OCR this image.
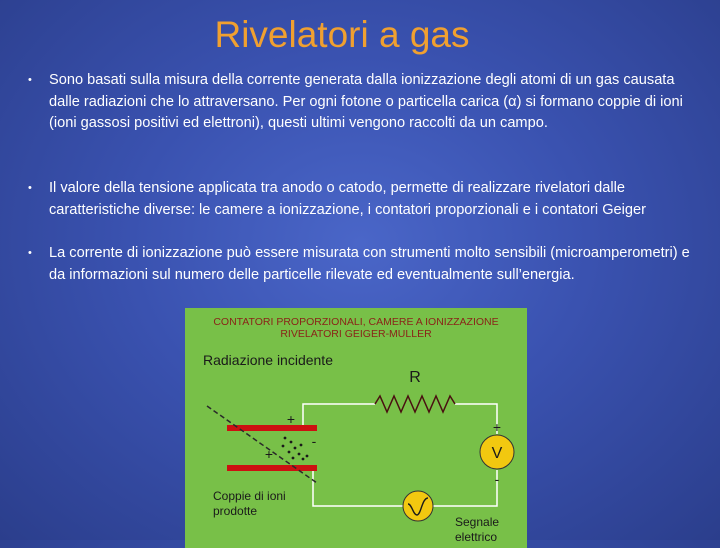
Rivelatori a gas
• Sono basati sulla misura della corrente generata dalla ionizzazione degli atomi di un gas causata dalle radiazioni che lo attraversano. Per ogni fotone o particella carica (α) si formano coppie di ioni (ioni gassosi positivi ed elettroni), questi ultimi vengono raccolti da un campo.
• Il valore della tensione applicata tra anodo o catodo, permette di realizzare rivelatori dalle caratteristiche diverse: le camere a ionizzazione, i contatori proporzionali e i contatori Geiger
• La corrente di ionizzazione può essere misurata con strumenti molto sensibili (microamperometri) e da informazioni sul numero delle particelle rilevate ed eventualmente sull’energia.
CONTATORI PROPORZIONALI, CAMERE A IONIZZAZIONE
RIVELATORI GEIGER-MULLER
Radiazione incidente
R
+
+
-
+
-
V
Coppie di ioni
prodotte
Segnale
elettrico
